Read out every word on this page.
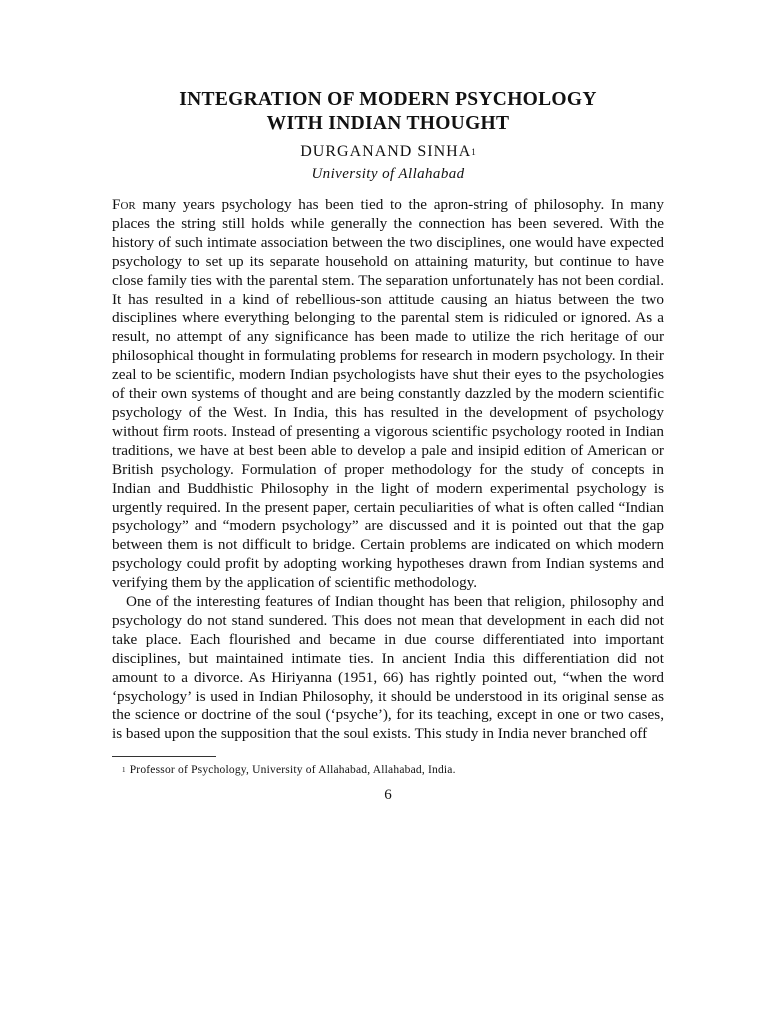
INTEGRATION OF MODERN PSYCHOLOGY
WITH INDIAN THOUGHT
DURGANAND SINHA$^1$
University of Allahabad

For many years psychology has been tied to the apron-string of philosophy. In many places the string still holds while generally the connection has been severed. With the history of such intimate association between the two disciplines, one would have expected psychology to set up its separate household on attaining maturity, but continue to have close family ties with the parental stem. The separation unfortunately has not been cordial. It has resulted in a kind of rebellious-son attitude causing an hiatus between the two disciplines where everything belonging to the parental stem is ridiculed or ignored. As a result, no attempt of any significance has been made to utilize the rich heritage of our philosophical thought in formulating problems for research in modern psychology. In their zeal to be scientific, modern Indian psychologists have shut their eyes to the psychologies of their own systems of thought and are being constantly dazzled by the modern scientific psychology of the West. In India, this has resulted in the development of psychology without firm roots. Instead of presenting a vigorous scientific psychology rooted in Indian traditions, we have at best been able to develop a pale and insipid edition of American or British psychology. Formulation of proper methodology for the study of concepts in Indian and Buddhistic Philosophy in the light of modern experimental psychology is urgently required. In the present paper, certain peculiarities of what is often called “Indian psychology” and “modern psychology” are discussed and it is pointed out that the gap between them is not difficult to bridge. Certain problems are indicated on which modern psychology could profit by adopting working hypotheses drawn from Indian systems and verifying them by the application of scientific methodology.

One of the interesting features of Indian thought has been that religion, philosophy and psychology do not stand sundered. This does not mean that development in each did not take place. Each flourished and became in due course differentiated into important disciplines, but maintained intimate ties. In ancient India this differentiation did not amount to a divorce. As Hiriyanna (1951, 66) has rightly pointed out, “when the word ‘psychology’ is used in Indian Philosophy, it should be understood in its original sense as the science or doctrine of the soul (‘psyche’), for its teaching, except in one or two cases, is based upon the supposition that the soul exists. This study in India never branched off

$^1$ Professor of Psychology, University of Allahabad, Allahabad, India.
6
